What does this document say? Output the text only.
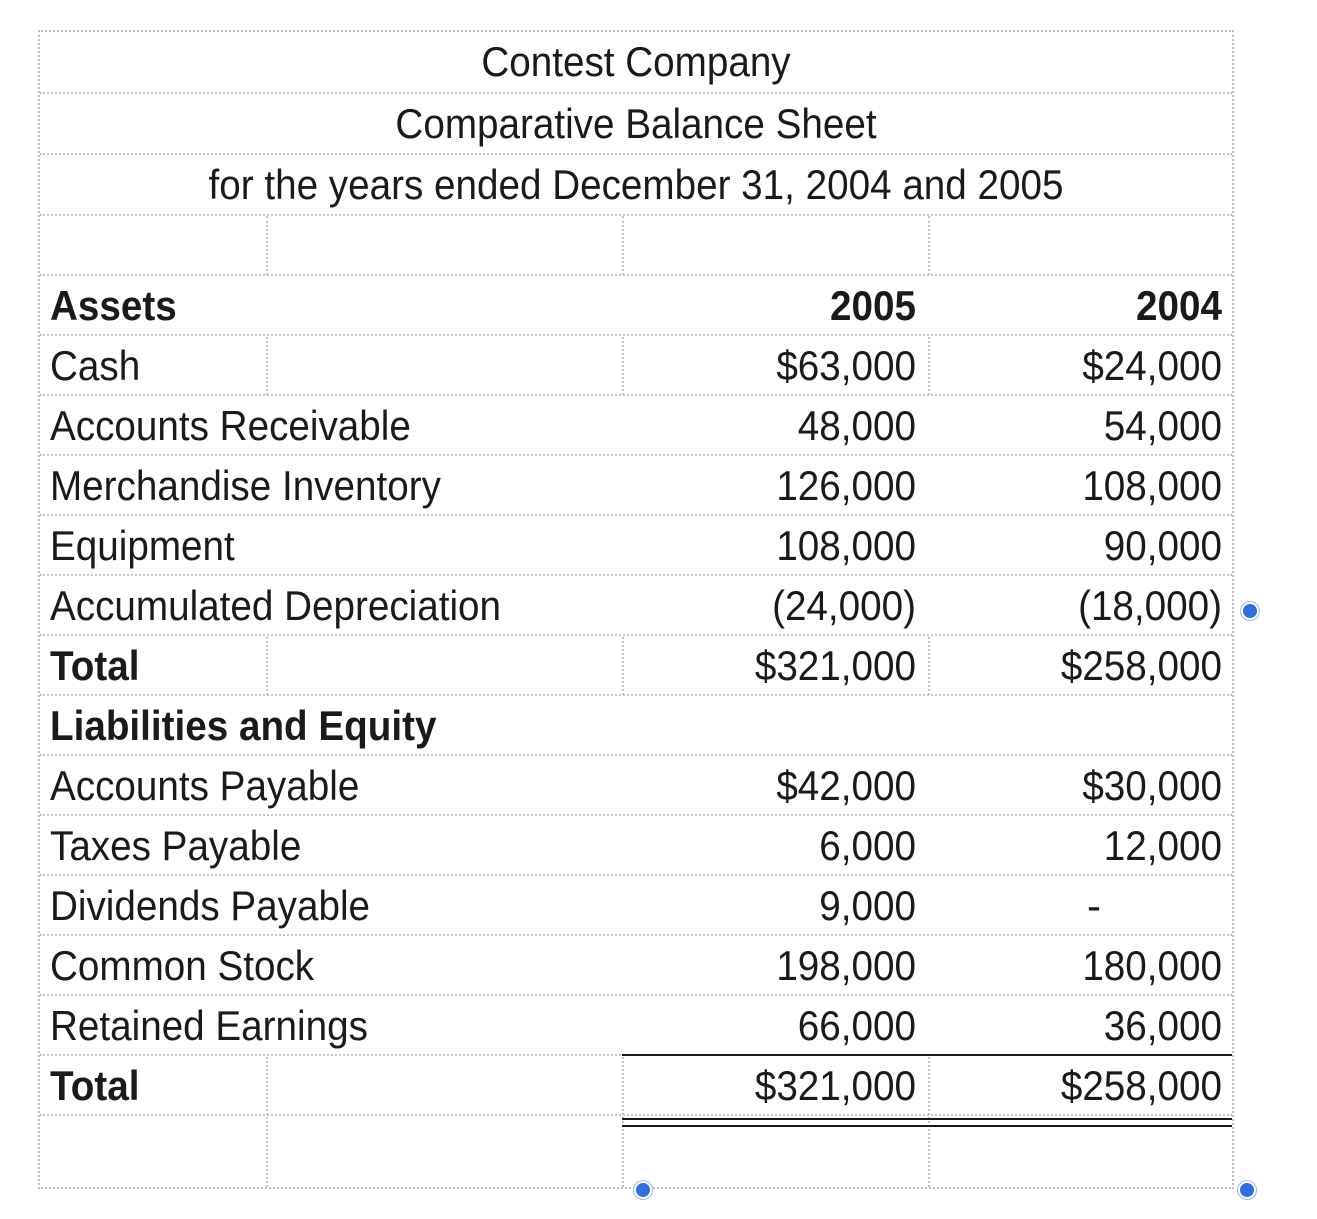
Contest Company
Comparative Balance Sheet
for the years ended December 31, 2004 and 2005
Assets	2005	2004
Cash	$63,000	$24,000
Accounts Receivable	48,000	54,000
Merchandise Inventory	126,000	108,000
Equipment	108,000	90,000
Accumulated Depreciation	(24,000)	(18,000)
Total	$321,000	$258,000
Liabilities and Equity
Accounts Payable	$42,000	$30,000
Taxes Payable	6,000	12,000
Dividends Payable	9,000	-
Common Stock	198,000	180,000
Retained Earnings	66,000	36,000
Total	$321,000	$258,000
